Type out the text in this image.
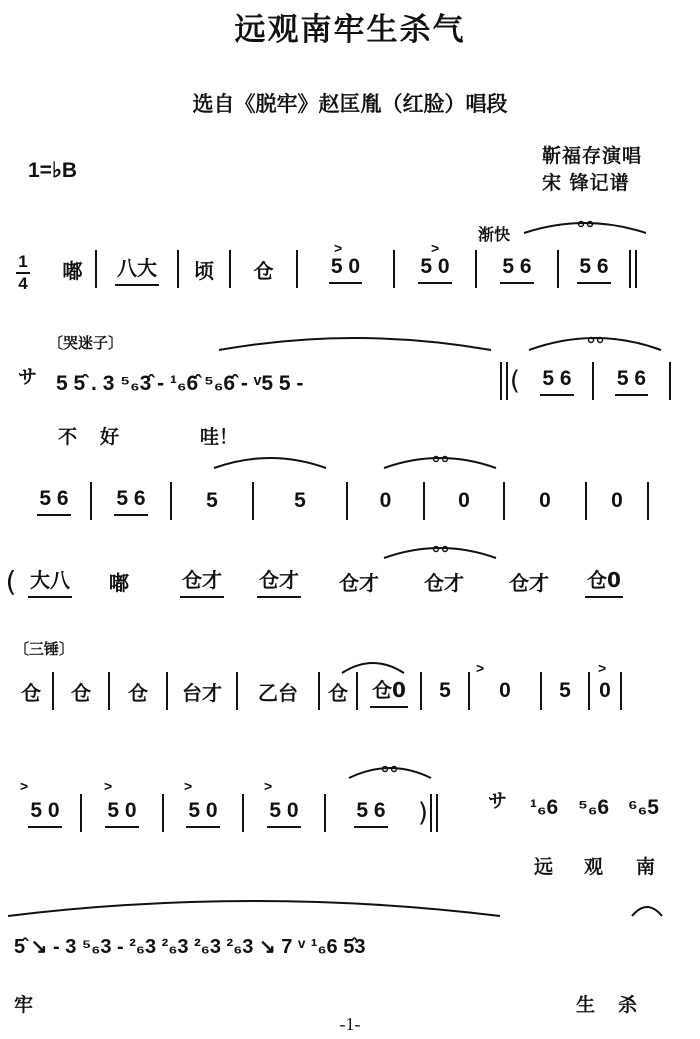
远观南牢生杀气
选自《脱牢》赵匡胤（红脸）唱段
1=♭B
靳福存演唱
宋 锋记谱
渐快
1
4
>	>
嘟	八大	顷	仓	5 0	5 0	5 6 5 6
〔哭迷子〕
サ 5 5̂ . 3 ⁵₆3̂ - ¹₆6̂ ⁵₆6̂ - ᵛ5 5 -	( 5 6 5 6
不 好	哇！
5 6 5 6	5	5	0	0	0	0
( 大八	嘟	仓才 仓才	仓才	仓才	仓才	仓0
〔三锤〕
>	>
仓	仓	仓	台才	乙台	仓	仓0	5	0	5	0
>	>	>	>
5 0 5 0 5 0 5 0	5 6 )	サ ¹₆6 ⁵₆6 ⁶₆5
远 观 南
5̂ ↘ - 3 ⁵₆3 - ²₆3 ²₆3 ²₆3 ²₆3 ↘ 7 ᵛ ¹₆6 5̂3
牢	生 杀
-1-
